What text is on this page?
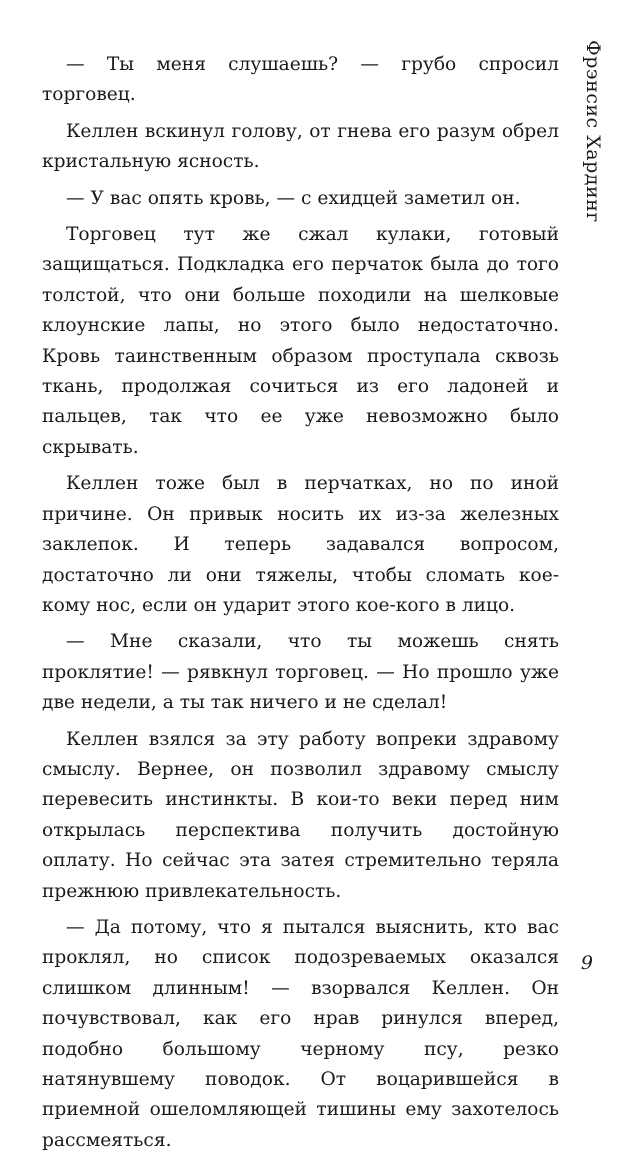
Фрэнсис Хардинг

— Ты меня слушаешь? — грубо спросил торговец.

Келлен вскинул голову, от гнева его разум обрел кристальную ясность.

— У вас опять кровь, — с ехидцей заметил он.

Торговец тут же сжал кулаки, готовый защищаться. Подкладка его перчаток была до того толстой, что они больше походили на шелковые клоунские лапы, но этого было недостаточно. Кровь таинственным образом проступала сквозь ткань, продолжая сочиться из его ладоней и пальцев, так что ее уже невозможно было скрывать.

Келлен тоже был в перчатках, но по иной причине. Он привык носить их из-за железных заклепок. И теперь задавался вопросом, достаточно ли они тяжелы, чтобы сломать кое-кому нос, если он ударит этого кое-кого в лицо.

— Мне сказали, что ты можешь снять проклятие! — рявкнул торговец. — Но прошло уже две недели, а ты так ничего и не сделал!

Келлен взялся за эту работу вопреки здравому смыслу. Вернее, он позволил здравому смыслу перевесить инстинкты. В кои-то веки перед ним открылась перспектива получить достойную оплату. Но сейчас эта затея стремительно теряла прежнюю привлекательность.

— Да потому, что я пытался выяснить, кто вас проклял, но список подозреваемых оказался слишком длинным! — взорвался Келлен. Он почувствовал, как его нрав ринулся вперед, подобно большому черному псу, резко натянувшему поводок. От воцарившейся в приемной ошеломляющей тишины ему захотелось рассмеяться.

9
